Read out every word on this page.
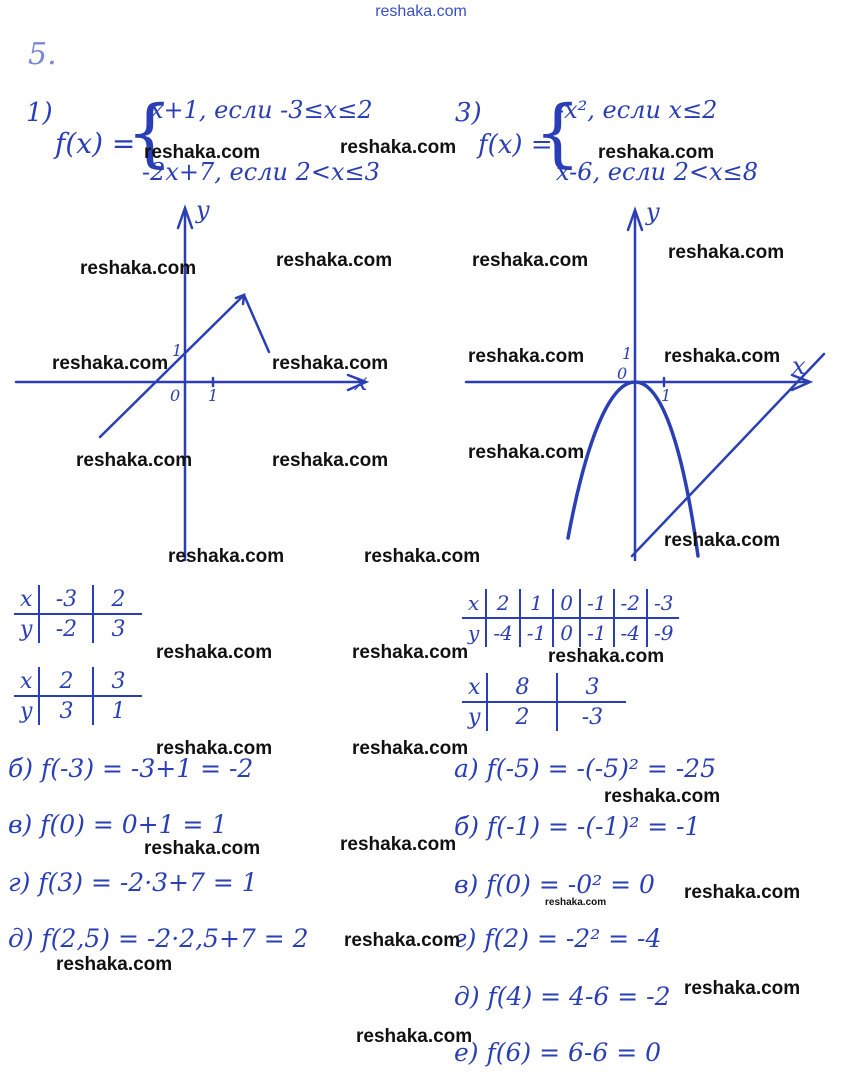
reshaka.com
5.
1)
f(x) =
{
x+1, если -3≤x≤2
-2x+7, если 2<x≤3
y
x
0 1
1
x	-3	2
y	-2	3
x	2	3
y	3	1
б) f(-3) = -3+1 = -2
в) f(0) = 0+1 = 1
г) f(3) = -2·3+7 = 1
д) f(2,5) = -2·2,5+7 = 2
3)
f(x) =
{
-x², если x≤2
x-6, если 2<x≤8
y
x
0
1
1
x	2	1	0	-1	-2	-3
y	-4	-1	0	-1	-4	-9
x	8	3
y	2	-3
а) f(-5) = -(-5)² = -25
б) f(-1) = -(-1)² = -1
в) f(0) = -0² = 0
г) f(2) = -2² = -4
д) f(4) = 4-6 = -2
е) f(6) = 6-6 = 0
reshaka.com	reshaka.com	reshaka.com
reshaka.com	reshaka.com	reshaka.com	reshaka.com
reshaka.com	reshaka.com	reshaka.com	reshaka.com
reshaka.com	reshaka.com	reshaka.com
reshaka.com
reshaka.com	reshaka.com
reshaka.com	reshaka.com	reshaka.com
reshaka.com	reshaka.com
reshaka.com
reshaka.com	reshaka.com
reshaka.com
reshaka.com
reshaka.com
reshaka.com
reshaka.com
reshaka.com
